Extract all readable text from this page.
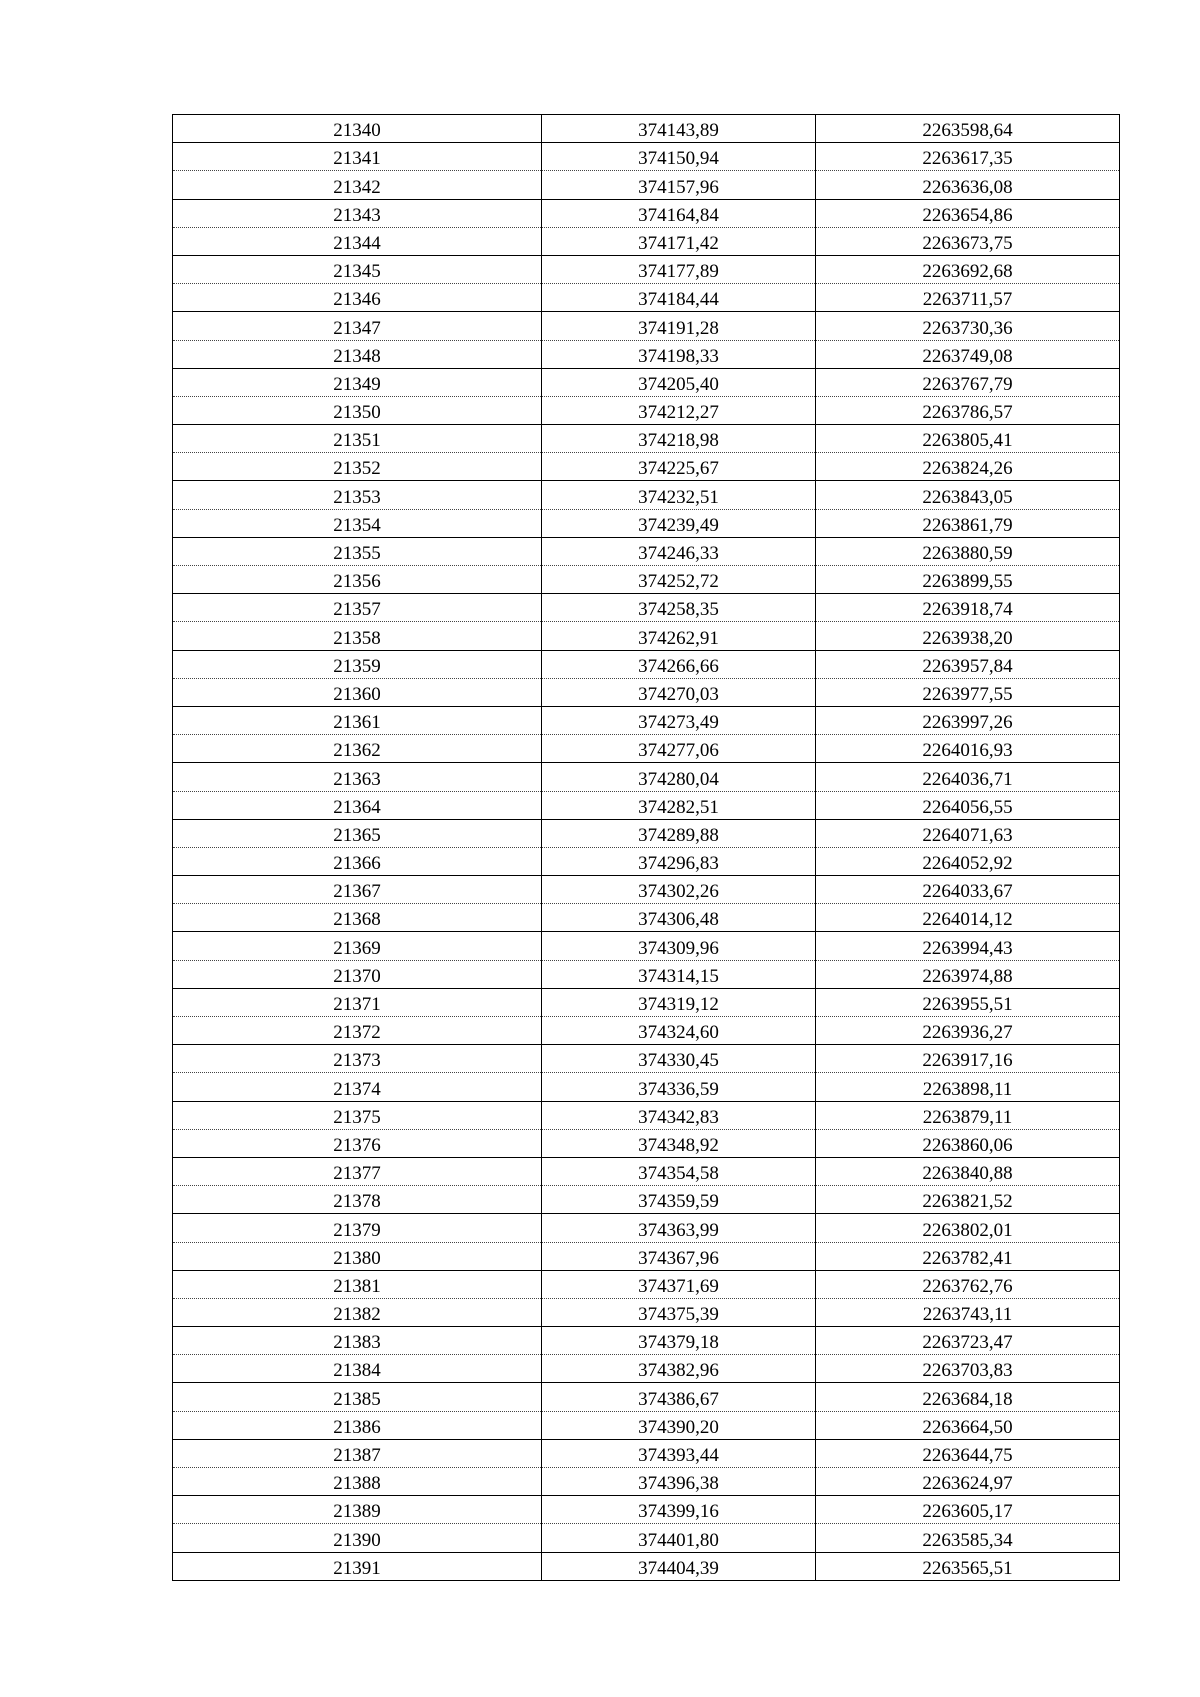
21340	374143,89	2263598,64
21341	374150,94	2263617,35
21342	374157,96	2263636,08
21343	374164,84	2263654,86
21344	374171,42	2263673,75
21345	374177,89	2263692,68
21346	374184,44	2263711,57
21347	374191,28	2263730,36
21348	374198,33	2263749,08
21349	374205,40	2263767,79
21350	374212,27	2263786,57
21351	374218,98	2263805,41
21352	374225,67	2263824,26
21353	374232,51	2263843,05
21354	374239,49	2263861,79
21355	374246,33	2263880,59
21356	374252,72	2263899,55
21357	374258,35	2263918,74
21358	374262,91	2263938,20
21359	374266,66	2263957,84
21360	374270,03	2263977,55
21361	374273,49	2263997,26
21362	374277,06	2264016,93
21363	374280,04	2264036,71
21364	374282,51	2264056,55
21365	374289,88	2264071,63
21366	374296,83	2264052,92
21367	374302,26	2264033,67
21368	374306,48	2264014,12
21369	374309,96	2263994,43
21370	374314,15	2263974,88
21371	374319,12	2263955,51
21372	374324,60	2263936,27
21373	374330,45	2263917,16
21374	374336,59	2263898,11
21375	374342,83	2263879,11
21376	374348,92	2263860,06
21377	374354,58	2263840,88
21378	374359,59	2263821,52
21379	374363,99	2263802,01
21380	374367,96	2263782,41
21381	374371,69	2263762,76
21382	374375,39	2263743,11
21383	374379,18	2263723,47
21384	374382,96	2263703,83
21385	374386,67	2263684,18
21386	374390,20	2263664,50
21387	374393,44	2263644,75
21388	374396,38	2263624,97
21389	374399,16	2263605,17
21390	374401,80	2263585,34
21391	374404,39	2263565,51
